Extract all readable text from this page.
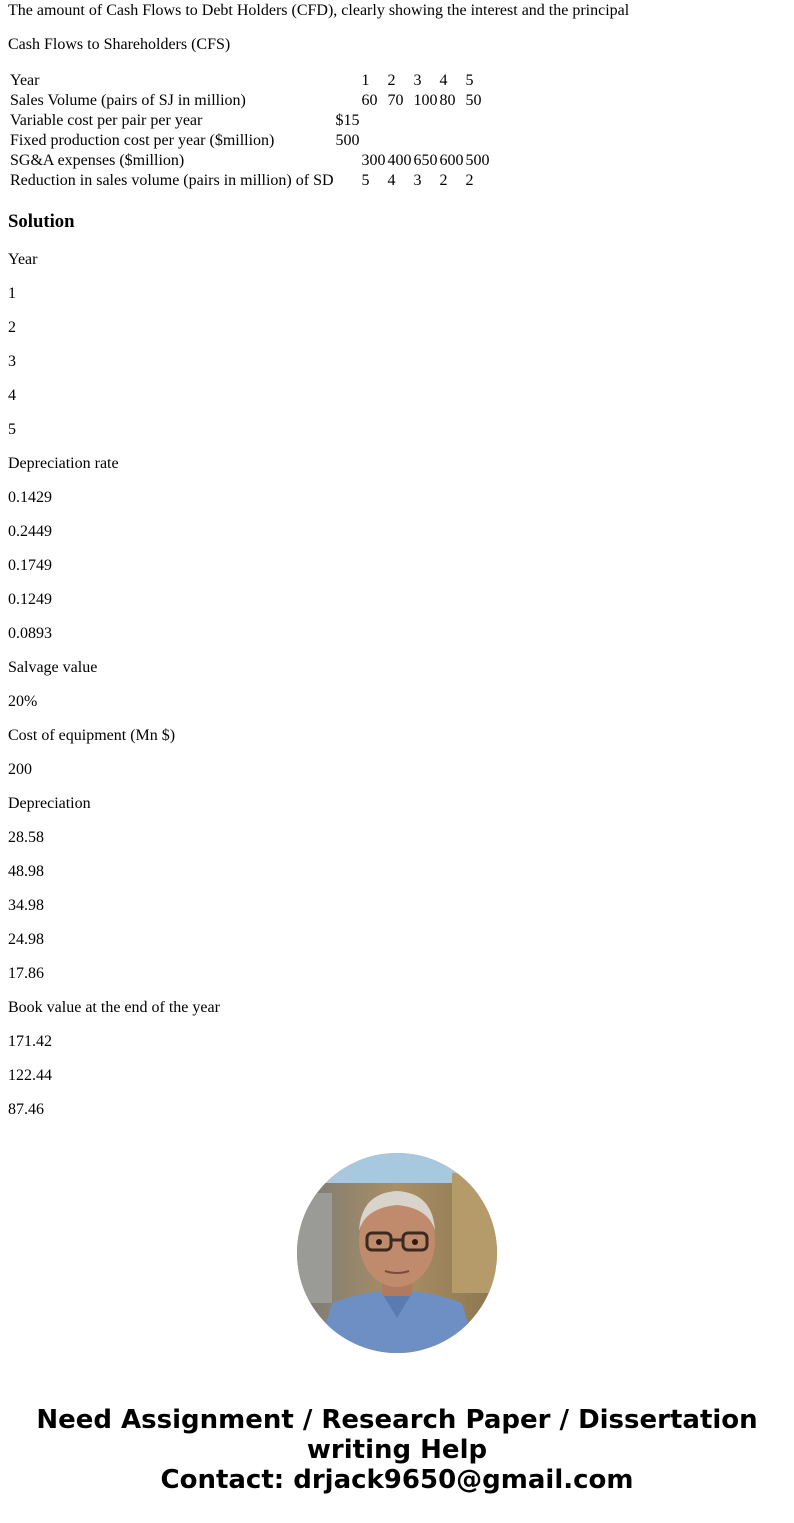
The amount of Cash Flows to Debt Holders (CFD), clearly showing the interest and the principal

Cash Flows to Shareholders (CFS)

Year		1	2	3	4	5
Sales Volume (pairs of SJ in million)		60	70	100	80	50
Variable cost per pair per year	$15					
Fixed production cost per year ($million)	500					
SG&A expenses ($million)		300	400	650	600	500
Reduction in sales volume (pairs in million) of SD		5	4	3	2	2
Solution

Year

1

2

3

4

5

Depreciation rate

0.1429

0.2449

0.1749

0.1249

0.0893

Salvage value

20%

Cost of equipment (Mn $)

200

Depreciation

28.58

48.98

34.98

24.98

17.86

Book value at the end of the year

171.42

122.44

87.46

Need Assignment / Research Paper / Dissertation
writing Help
Contact: drjack9650@gmail.com
